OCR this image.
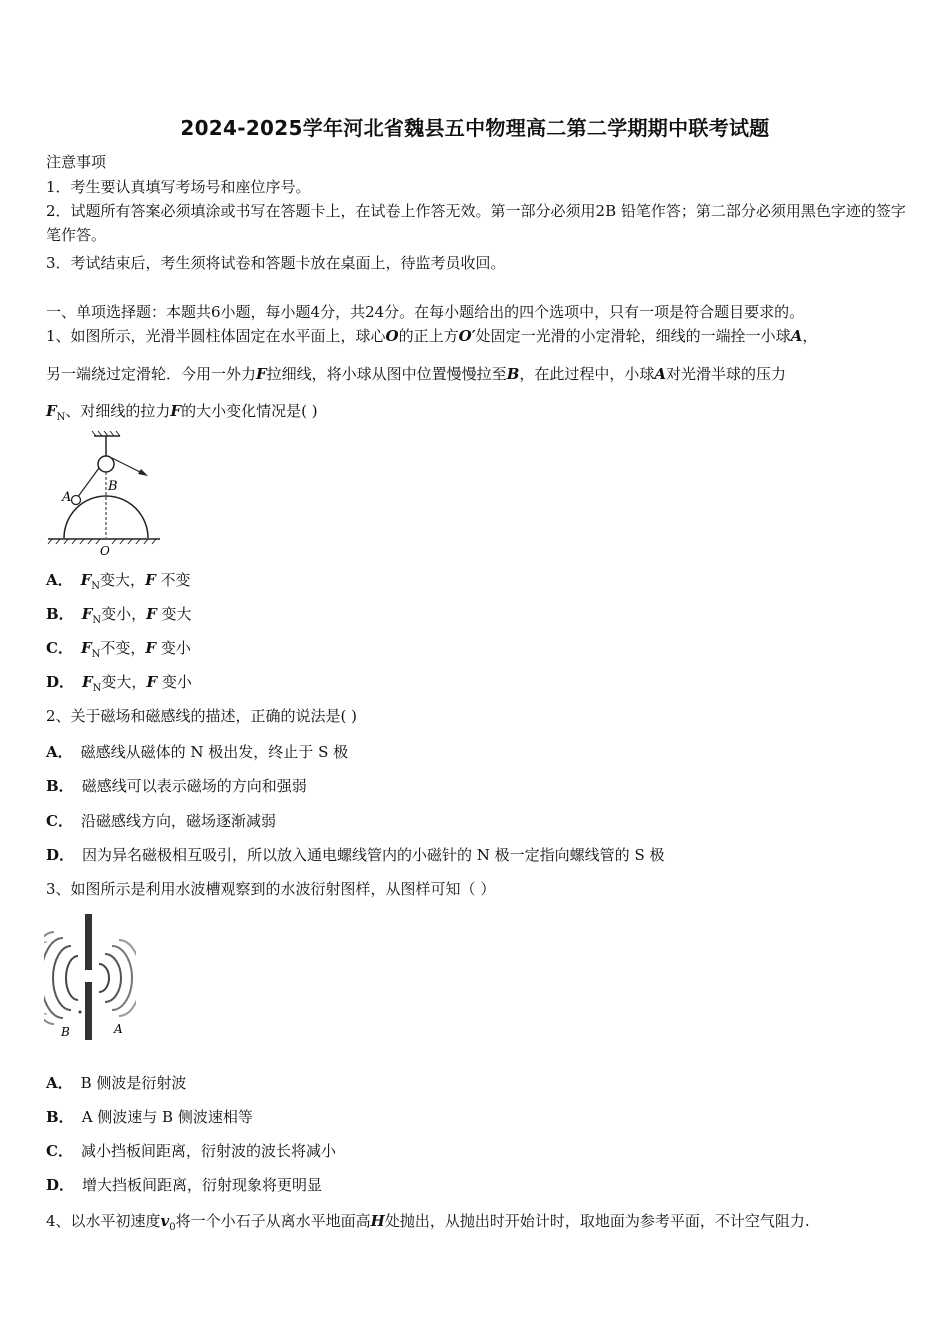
2024-2025学年河北省魏县五中物理高二第二学期期中联考试题
注意事项
1．考生要认真填写考场号和座位序号。
2．试题所有答案必须填涂或书写在答题卡上，在试卷上作答无效。第一部分必须用2B 铅笔作答；第二部分必须用黑色字迹的签字笔作答。
3．考试结束后，考生须将试卷和答题卡放在桌面上，待监考员收回。
一、单项选择题：本题共6小题，每小题4分，共24分。在每小题给出的四个选项中，只有一项是符合题目要求的。
1、如图所示，光滑半圆柱体固定在水平面上，球心O的正上方O′处固定一光滑的小定滑轮，细线的一端拴一小球A，
另一端绕过定滑轮．今用一外力F拉细线，将小球从图中位置慢慢拉至B，在此过程中，小球A对光滑半球的压力
$F_N$、对细线的拉力F的大小变化情况是( )
A
B
O
A． $F_N$变大，F 不变
B． $F_N$变小，F 变大
C． $F_N$不变，F 变小
D． $F_N$变大，F 变小
2、关于磁场和磁感线的描述，正确的说法是( )
A． 磁感线从磁体的 N 极出发，终止于 S 极
B． 磁感线可以表示磁场的方向和强弱
C． 沿磁感线方向，磁场逐渐减弱
D． 因为异名磁极相互吸引，所以放入通电螺线管内的小磁针的 N 极一定指向螺线管的 S 极
3、如图所示是利用水波槽观察到的水波衍射图样，从图样可知（ ）
B	A
A． B 侧波是衍射波
B． A 侧波速与 B 侧波速相等
C． 减小挡板间距离，衍射波的波长将减小
D． 增大挡板间距离，衍射现象将更明显
4、以水平初速度$v_0$将一个小石子从离水平地面高H处抛出，从抛出时开始计时，取地面为参考平面，不计空气阻力.
